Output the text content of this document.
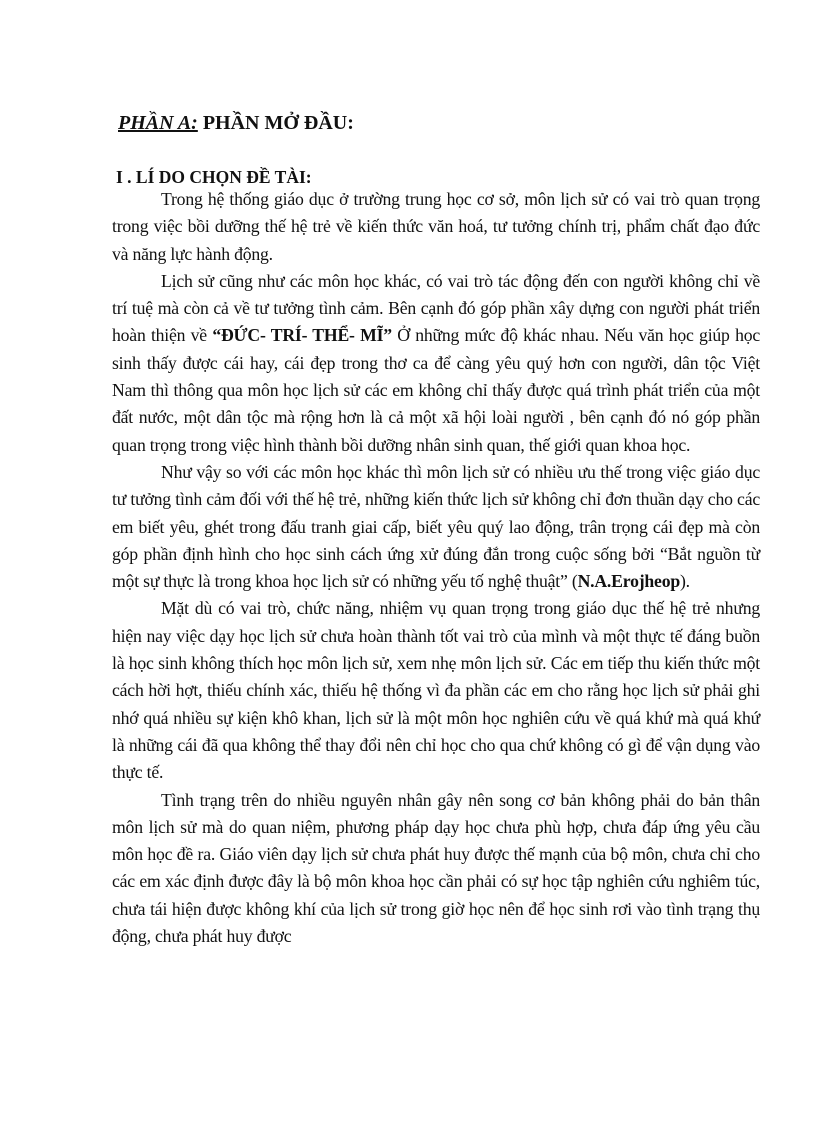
PHẦN A: PHẦN MỞ ĐẦU:
I . LÍ DO CHỌN ĐỀ TÀI:

Trong hệ thống giáo dục ở trường trung học cơ sở, môn lịch sử có vai trò quan trọng trong việc bồi dưỡng thế hệ trẻ về kiến thức văn hoá, tư tưởng chính trị, phẩm chất đạo đức và năng lực hành động.

Lịch sử cũng như các môn học khác, có vai trò tác động đến con người không chỉ về trí tuệ mà còn cả về tư tưởng tình cảm. Bên cạnh đó góp phần xây dựng con người phát triển hoàn thiện về “ĐỨC- TRÍ- THỂ- MĨ” Ở những mức độ khác nhau. Nếu văn học giúp học sinh thấy được cái hay, cái đẹp trong thơ ca để càng yêu quý hơn con người, dân tộc Việt Nam thì thông qua môn học lịch sử các em không chỉ thấy được quá trình phát triển của một đất nước, một dân tộc mà rộng hơn là cả một xã hội loài người , bên cạnh đó nó góp phần quan trọng trong việc hình thành bồi dưỡng nhân sinh quan, thế giới quan khoa học.

Như vậy so với các môn học khác thì môn lịch sử có nhiều ưu thế trong việc giáo dục tư tưởng tình cảm đối với thế hệ trẻ, những kiến thức lịch sử không chỉ đơn thuần dạy cho các em biết yêu, ghét trong đấu tranh giai cấp, biết yêu quý lao động, trân trọng cái đẹp mà còn góp phần định hình cho học sinh cách ứng xử đúng đắn trong cuộc sống bởi “Bắt nguồn từ một sự thực là trong khoa học lịch sử có những yếu tố nghệ thuật” (N.A.Erojheop).

Mặt dù có vai trò, chức năng, nhiệm vụ quan trọng trong giáo dục thế hệ trẻ nhưng hiện nay việc dạy học lịch sử chưa hoàn thành tốt vai trò của mình và một thực tế đáng buồn là học sinh không thích học môn lịch sử, xem nhẹ môn lịch sử. Các em tiếp thu kiến thức một cách hời hợt, thiếu chính xác, thiếu hệ thống vì đa phần các em cho rằng học lịch sử phải ghi nhớ quá nhiều sự kiện khô khan, lịch sử là một môn học nghiên cứu về quá khứ mà quá khứ là những cái đã qua không thể thay đổi nên chỉ học cho qua chứ không có gì để vận dụng vào thực tế.

Tình trạng trên do nhiều nguyên nhân gây nên song cơ bản không phải do bản thân môn lịch sử mà do quan niệm, phương pháp dạy học chưa phù hợp, chưa đáp ứng yêu cầu môn học đề ra. Giáo viên dạy lịch sử chưa phát huy được thế mạnh của bộ môn, chưa chỉ cho các em xác định được đây là bộ môn khoa học cần phải có sự học tập nghiên cứu nghiêm túc, chưa tái hiện được không khí của lịch sử trong giờ học nên để học sinh rơi vào tình trạng thụ động, chưa phát huy được
